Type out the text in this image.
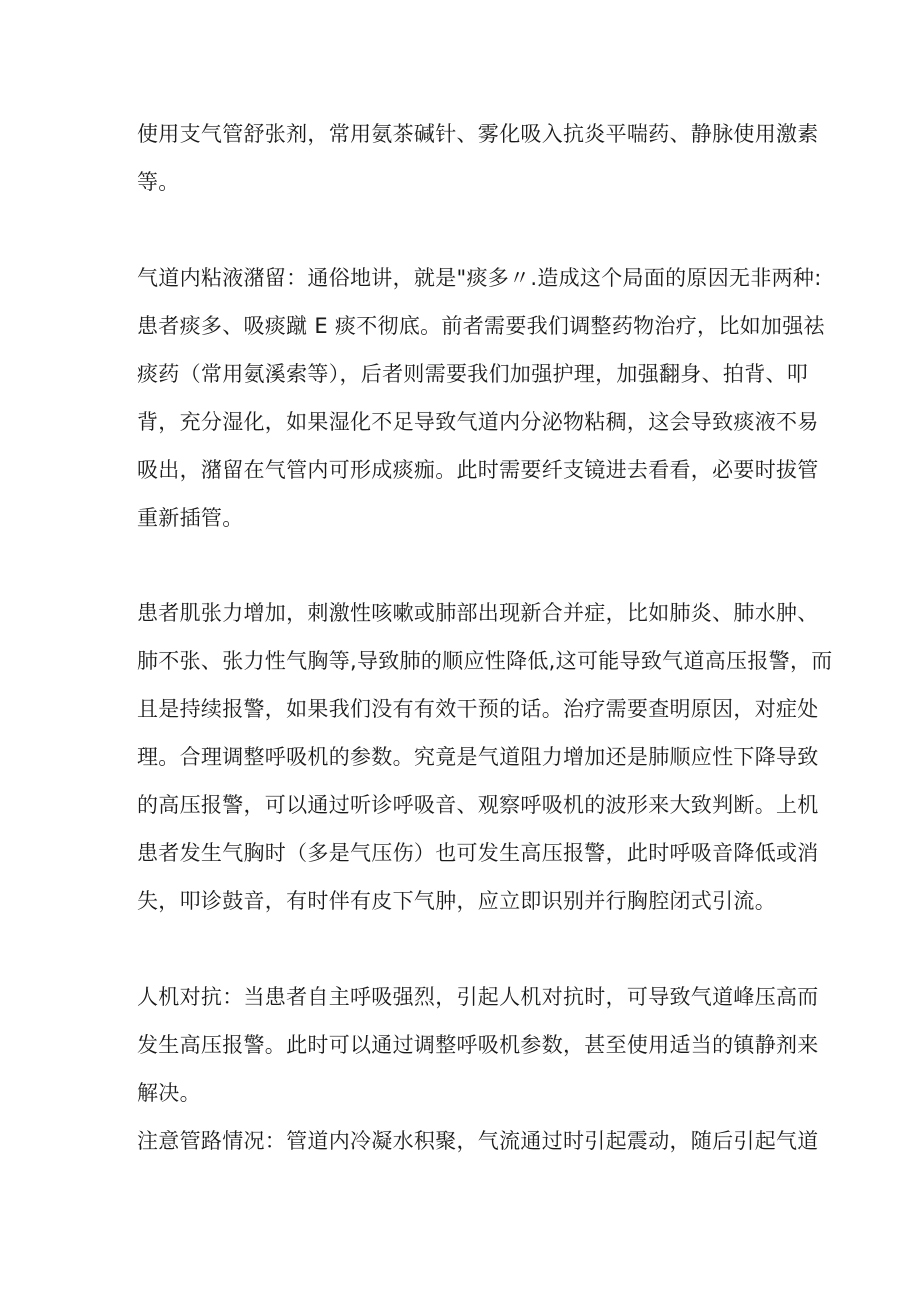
使用支气管舒张剂，常用氨茶碱针、雾化吸入抗炎平喘药、静脉使用激素
等。
气道内粘液潴留：通俗地讲，就是"痰多〃.造成这个局面的原因无非两种:
患者痰多、吸痰蹴 E 痰不彻底。前者需要我们调整药物治疗，比如加强祛
痰药（常用氨溪索等），后者则需要我们加强护理，加强翻身、拍背、叩
背，充分湿化，如果湿化不足导致气道内分泌物粘稠，这会导致痰液不易
吸出，潴留在气管内可形成痰痂。此时需要纤支镜进去看看，必要时拔管
重新插管。
患者肌张力增加，刺激性咳嗽或肺部出现新合并症，比如肺炎、肺水肿、
肺不张、张力性气胸等,导致肺的顺应性降低,这可能导致气道高压报警，而
且是持续报警，如果我们没有有效干预的话。治疗需要查明原因，对症处
理。合理调整呼吸机的参数。究竟是气道阻力增加还是肺顺应性下降导致
的高压报警，可以通过听诊呼吸音、观察呼吸机的波形来大致判断。上机
患者发生气胸时（多是气压伤）也可发生高压报警，此时呼吸音降低或消
失，叩诊鼓音，有时伴有皮下气肿，应立即识别并行胸腔闭式引流。
人机对抗：当患者自主呼吸强烈，引起人机对抗时，可导致气道峰压高而
发生高压报警。此时可以通过调整呼吸机参数，甚至使用适当的镇静剂来
解决。
注意管路情况：管道内冷凝水积聚，气流通过时引起震动，随后引起气道
